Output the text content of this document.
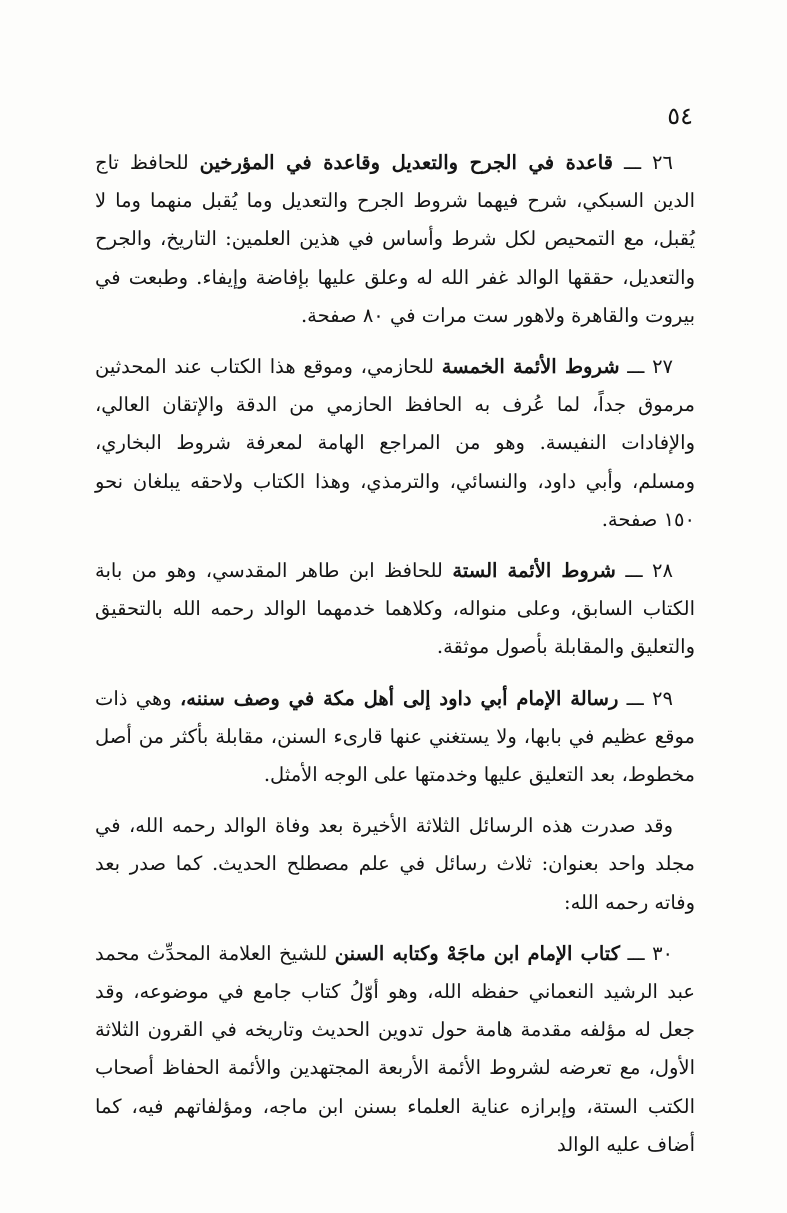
٥٤

٢٦ ـــ قاعدة في الجرح والتعديل وقاعدة في المؤرخين للحافظ تاج الدين السبكي، شرح فيهما شروط الجرح والتعديل وما يُقبل منهما وما لا يُقبل، مع التمحيص لكل شرط وأساس في هذين العلمين: التاريخ، والجرح والتعديل، حققها الوالد غفر الله له وعلق عليها بإفاضة وإيفاء. وطبعت في بيروت والقاهرة ولاهور ست مرات في ٨٠ صفحة.

٢٧ ـــ شروط الأئمة الخمسة للحازمي، وموقع هذا الكتاب عند المحدثين مرموق جداً، لما عُرف به الحافظ الحازمي من الدقة والإتقان العالي، والإفادات النفيسة. وهو من المراجع الهامة لمعرفة شروط البخاري، ومسلم، وأبي داود، والنسائي، والترمذي، وهذا الكتاب ولاحقه يبلغان نحو ١٥٠ صفحة.

٢٨ ـــ شروط الأئمة الستة للحافظ ابن طاهر المقدسي، وهو من بابة الكتاب السابق، وعلى منواله، وكلاهما خدمهما الوالد رحمه الله بالتحقيق والتعليق والمقابلة بأصول موثقة.

٢٩ ـــ رسالة الإمام أبي داود إلى أهل مكة في وصف سننه، وهي ذات موقع عظيم في بابها، ولا يستغني عنها قارىء السنن، مقابلة بأكثر من أصل مخطوط، بعد التعليق عليها وخدمتها على الوجه الأمثل.

وقد صدرت هذه الرسائل الثلاثة الأخيرة بعد وفاة الوالد رحمه الله، في مجلد واحد بعنوان: ثلاث رسائل في علم مصطلح الحديث. كما صدر بعد وفاته رحمه الله:

٣٠ ـــ كتاب الإمام ابن ماجَهْ وكتابه السنن للشيخ العلامة المحدِّث محمد عبد الرشيد النعماني حفظه الله، وهو أوّلُ كتاب جامع في موضوعه، وقد جعل له مؤلفه مقدمة هامة حول تدوين الحديث وتاريخه في القرون الثلاثة الأول، مع تعرضه لشروط الأئمة الأربعة المجتهدين والأئمة الحفاظ أصحاب الكتب الستة، وإبرازه عناية العلماء بسنن ابن ماجه، ومؤلفاتهم فيه، كما أضاف عليه الوالد
